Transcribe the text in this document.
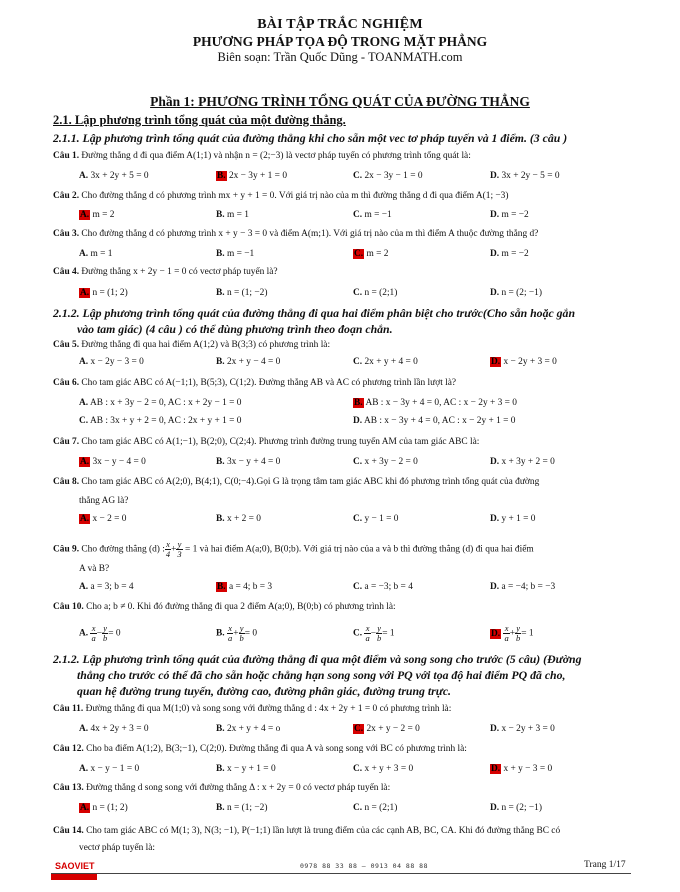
BÀI TẬP TRẮC NGHIỆM
PHƯƠNG PHÁP TỌA ĐỘ TRONG MẶT PHẲNG
Biên soạn: Trần Quốc Dũng - TOANMATH.com
Phần 1: PHƯƠNG TRÌNH TỔNG QUÁT CỦA ĐƯỜNG THẲNG
2.1. Lập phương trình tổng quát của một đường thẳng.
2.1.1. Lập phương trình tổng quát của đường thẳng khi cho sẵn một vec tơ pháp tuyến và 1 điểm. (3 câu )
Câu 1. Đường thẳng d đi qua điểm A(1;1) và nhận n = (2;−3) là vectơ pháp tuyến có phương trình tổng quát là:
A. 3x + 2y + 5 = 0	B. 2x − 3y + 1 = 0	C. 2x − 3y − 1 = 0	D. 3x + 2y − 5 = 0
Câu 2. Cho đường thẳng d có phương trình mx + y + 1 = 0. Với giá trị nào của m thì đường thẳng d đi qua điểm A(1; −3)
A. m = 2	B. m = 1	C. m = −1	D. m = −2
Câu 3. Cho đường thẳng d có phương trình x + y − 3 = 0 và điểm A(m;1). Với giá trị nào của m thì điểm A thuộc đường thẳng d?
A. m = 1	B. m = −1	C. m = 2	D. m = −2
Câu 4. Đường thẳng x + 2y − 1 = 0 có vectơ pháp tuyến là?
A. n = (1; 2)	B. n = (1; −2)	C. n = (2;1)	D. n = (2; −1)
2.1.2. Lập phương trình tổng quát của đường thẳng đi qua hai điểm phân biệt cho trước(Cho sẵn hoặc gắn
vào tam giác) (4 câu ) có thể dùng phương trình theo đoạn chắn.
Câu 5. Đường thẳng đi qua hai điểm A(1;2) và B(3;3) có phương trình là:
A. x − 2y − 3 = 0	B. 2x + y − 4 = 0	C. 2x + y + 4 = 0	D. x − 2y + 3 = 0
Câu 6. Cho tam giác ABC có A(−1;1), B(5;3), C(1;2). Đường thẳng AB và AC có phương trình lần lượt là?
A. AB : x + 3y − 2 = 0, AC : x + 2y − 1 = 0	B. AB : x − 3y + 4 = 0, AC : x − 2y + 3 = 0
C. AB : 3x + y + 2 = 0, AC : 2x + y + 1 = 0	D. AB : x − 3y + 4 = 0, AC : x − 2y + 1 = 0
Câu 7. Cho tam giác ABC có A(1;−1), B(2;0), C(2;4). Phương trình đường trung tuyến AM của tam giác ABC là:
A. 3x − y − 4 = 0	B. 3x − y + 4 = 0	C. x + 3y − 2 = 0	D. x + 3y + 2 = 0
Câu 8. Cho tam giác ABC có A(2;0), B(4;1), C(0;−4).Gọi G là trọng tâm tam giác ABC khi đó phương trình tổng quát của đường
thẳng AG là?
A. x − 2 = 0	B. x + 2 = 0	C. y − 1 = 0	D. y + 1 = 0
Câu 9. Cho đường thẳng (d) : $\frac{x}{4} + \frac{y}{3} = 1$ và hai điểm A(a;0), B(0;b). Với giá trị nào của a và b thì đường thẳng (d) đi qua hai điểm
A và B?
A. a = 3; b = 4	B. a = 4; b = 3	C. a = −3; b = 4	D. a = −4; b = −3
Câu 10. Cho a; b ≠ 0. Khi đó đường thẳng đi qua 2 điểm A(a;0), B(0;b) có phương trình là:
A. $\frac{x}{a} - \frac{y}{b} = 0$	B. $\frac{x}{a} + \frac{y}{b} = 0$	C. $\frac{x}{a} - \frac{y}{b} = 1$	D. $\frac{x}{a} + \frac{y}{b} = 1$
2.1.2. Lập phương trình tổng quát của đường thẳng đi qua một điểm và song song cho trước (5 câu) (Đường
thẳng cho trước có thể đã cho sẵn hoặc chẳng hạn song song với PQ với tọa độ hai điểm PQ đã cho,
quan hệ đường trung tuyến, đường cao, đường phân giác, đường trung trực.
Câu 11. Đường thẳng đi qua M(1;0) và song song với đường thẳng d : 4x + 2y + 1 = 0 có phương trình là:
A. 4x + 2y + 3 = 0	B. 2x + y + 4 = o	C. 2x + y − 2 = 0	D. x − 2y + 3 = 0
Câu 12. Cho ba điểm A(1;2), B(3;−1), C(2;0). Đường thẳng đi qua A và song song với BC có phương trình là:
A. x − y − 1 = 0	B. x − y + 1 = 0	C. x + y + 3 = 0	D. x + y − 3 = 0
Câu 13. Đường thẳng d song song với đường thẳng Δ : x + 2y = 0 có vectơ pháp tuyến là:
A. n = (1; 2)	B. n = (1; −2)	C. n = (2;1)	D. n = (2; −1)
Câu 14. Cho tam giác ABC có M(1; 3), N(3; −1), P(−1;1) lần lượt là trung điểm của các cạnh AB, BC, CA. Khi đó đường thẳng BC có
vectơ pháp tuyến là:
SAOVIET	0978 88 33 88 – 0913 04 88 88	Trang 1/17
